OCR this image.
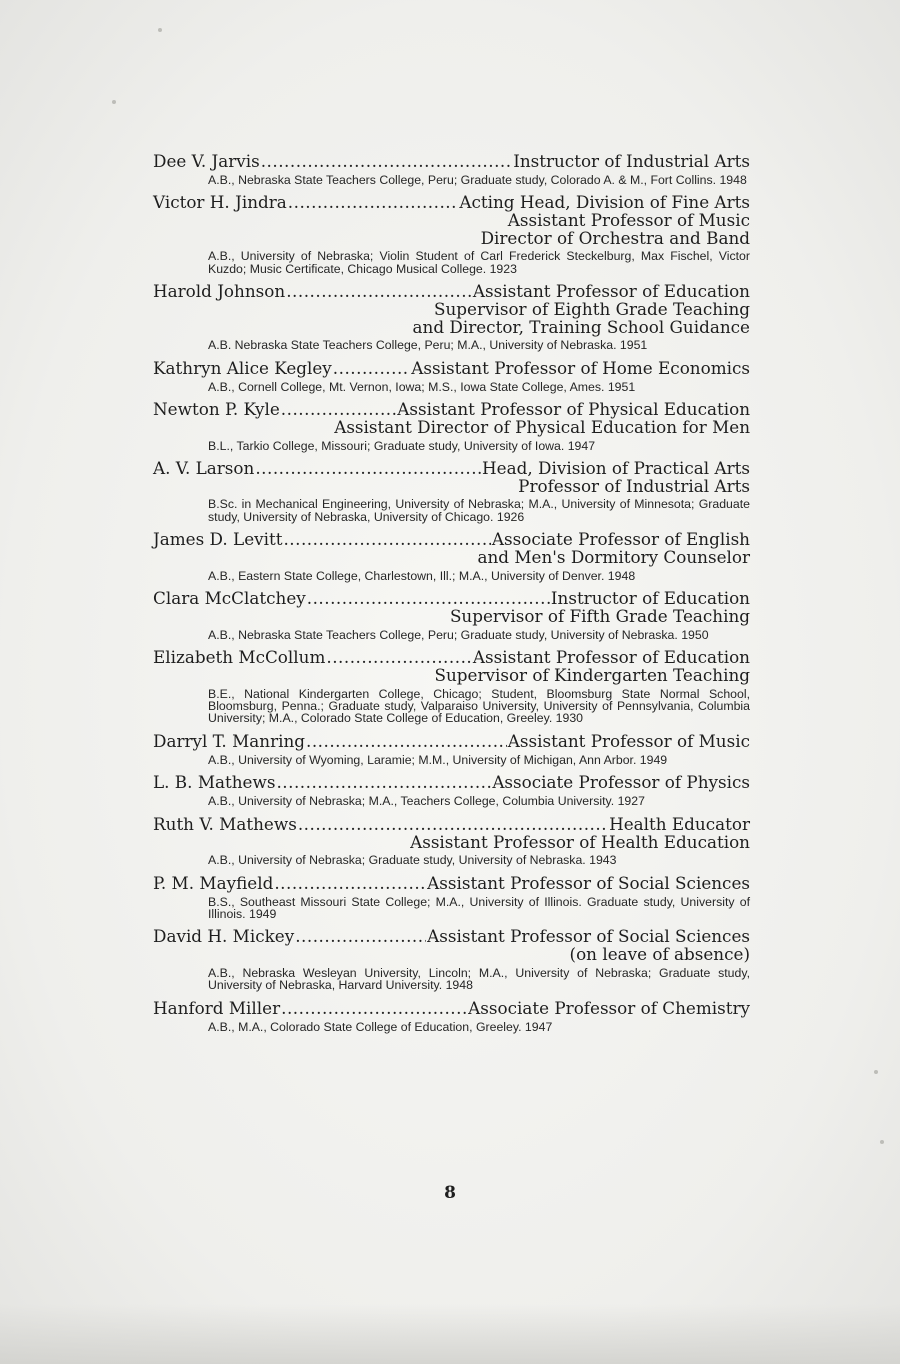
Dee V. Jarvis .....	Instructor of Industrial Arts
A.B., Nebraska State Teachers College, Peru; Graduate study, Colorado A. & M., Fort Collins. 1948
Victor H. Jindra .....	Acting Head, Division of Fine Arts
Assistant Professor of Music
Director of Orchestra and Band
A.B., University of Nebraska; Violin Student of Carl Frederick Steckelburg, Max Fischel, Victor Kuzdo; Music Certificate, Chicago Musical College. 1923
Harold Johnson .....	Assistant Professor of Education
Supervisor of Eighth Grade Teaching
and Director, Training School Guidance
A.B. Nebraska State Teachers College, Peru; M.A., University of Nebraska. 1951
Kathryn Alice Kegley .....	Assistant Professor of Home Economics
A.B., Cornell College, Mt. Vernon, Iowa; M.S., Iowa State College, Ames. 1951
Newton P. Kyle .....	Assistant Professor of Physical Education
Assistant Director of Physical Education for Men
B.L., Tarkio College, Missouri; Graduate study, University of Iowa. 1947
A. V. Larson .....	Head, Division of Practical Arts
Professor of Industrial Arts
B.Sc. in Mechanical Engineering, University of Nebraska; M.A., University of Minnesota; Graduate study, University of Nebraska, University of Chicago. 1926
James D. Levitt .....	Associate Professor of English
and Men's Dormitory Counselor
A.B., Eastern State College, Charlestown, Ill.; M.A., University of Denver. 1948
Clara McClatchey .....	Instructor of Education
Supervisor of Fifth Grade Teaching
A.B., Nebraska State Teachers College, Peru; Graduate study, University of Nebraska. 1950
Elizabeth McCollum .....	Assistant Professor of Education
Supervisor of Kindergarten Teaching
B.E., National Kindergarten College, Chicago; Student, Bloomsburg State Normal School, Bloomsburg, Penna.; Graduate study, Valparaiso University, University of Pennsylvania, Columbia University; M.A., Colorado State College of Education, Greeley. 1930
Darryl T. Manring .....	Assistant Professor of Music
A.B., University of Wyoming, Laramie; M.M., University of Michigan, Ann Arbor. 1949
L. B. Mathews .....	Associate Professor of Physics
A.B., University of Nebraska; M.A., Teachers College, Columbia University. 1927
Ruth V. Mathews .....	Health Educator
Assistant Professor of Health Education
A.B., University of Nebraska; Graduate study, University of Nebraska. 1943
P. M. Mayfield .....	Assistant Professor of Social Sciences
B.S., Southeast Missouri State College; M.A., University of Illinois. Graduate study, University of Illinois. 1949
David H. Mickey .....	Assistant Professor of Social Sciences
(on leave of absence)
A.B., Nebraska Wesleyan University, Lincoln; M.A., University of Nebraska; Graduate study, University of Nebraska, Harvard University. 1948
Hanford Miller .....	Associate Professor of Chemistry
A.B., M.A., Colorado State College of Education, Greeley. 1947
8
